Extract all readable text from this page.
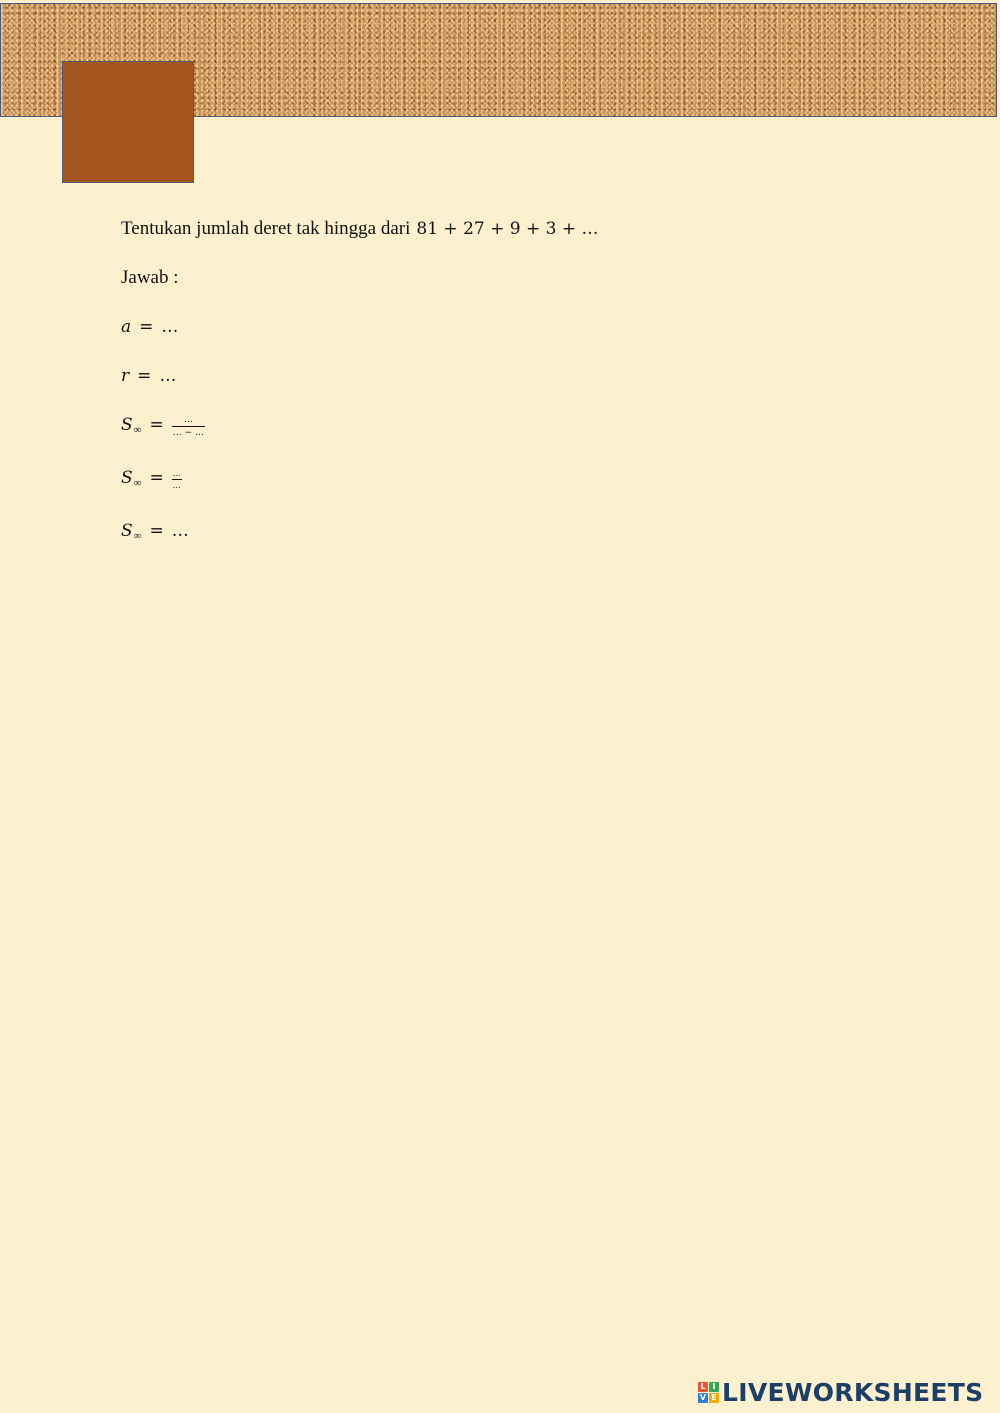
Tentukan jumlah deret tak hingga dari 81 + 27 + 9 + 3 + …
Jawab :
a = …
r = …
S ∞ = $\frac{\dots}{\dots - \dots}$
S ∞ = $\frac{\dots}{\dots}$
S ∞ = …
L I
V E LIVEWORKSHEETS
